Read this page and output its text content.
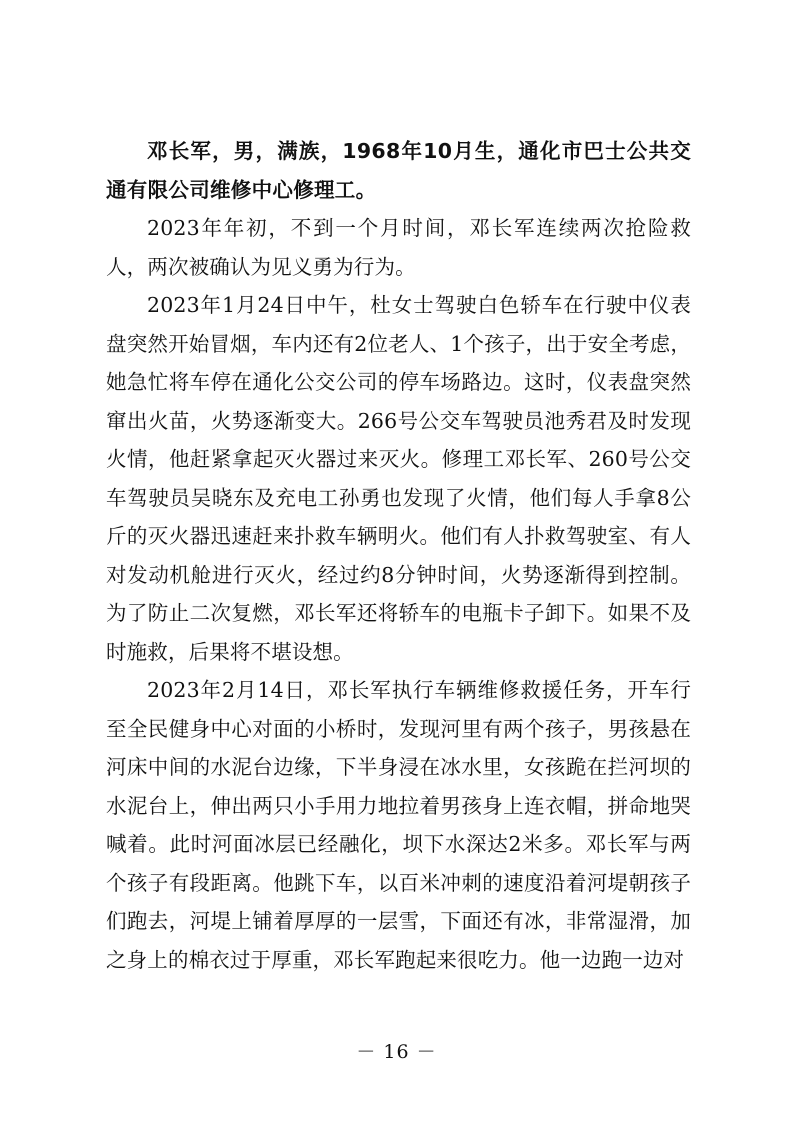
邓长军，男，满族，1968年10月生，通化市巴士公共交通有限公司维修中心修理工。

2023年年初，不到一个月时间，邓长军连续两次抢险救人，两次被确认为见义勇为行为。

2023年1月24日中午，杜女士驾驶白色轿车在行驶中仪表盘突然开始冒烟，车内还有2位老人、1个孩子，出于安全考虑，她急忙将车停在通化公交公司的停车场路边。这时，仪表盘突然窜出火苗，火势逐渐变大。266号公交车驾驶员池秀君及时发现火情，他赶紧拿起灭火器过来灭火。修理工邓长军、260号公交车驾驶员吴晓东及充电工孙勇也发现了火情，他们每人手拿8公斤的灭火器迅速赶来扑救车辆明火。他们有人扑救驾驶室、有人对发动机舱进行灭火，经过约8分钟时间，火势逐渐得到控制。为了防止二次复燃，邓长军还将轿车的电瓶卡子卸下。如果不及时施救，后果将不堪设想。

2023年2月14日，邓长军执行车辆维修救援任务，开车行至全民健身中心对面的小桥时，发现河里有两个孩子，男孩悬在河床中间的水泥台边缘，下半身浸在冰水里，女孩跪在拦河坝的水泥台上，伸出两只小手用力地拉着男孩身上连衣帽，拼命地哭喊着。此时河面冰层已经融化，坝下水深达2米多。邓长军与两个孩子有段距离。他跳下车，以百米冲刺的速度沿着河堤朝孩子们跑去，河堤上铺着厚厚的一层雪，下面还有冰，非常湿滑，加之身上的棉衣过于厚重，邓长军跑起来很吃力。他一边跑一边对

－ 16 －
